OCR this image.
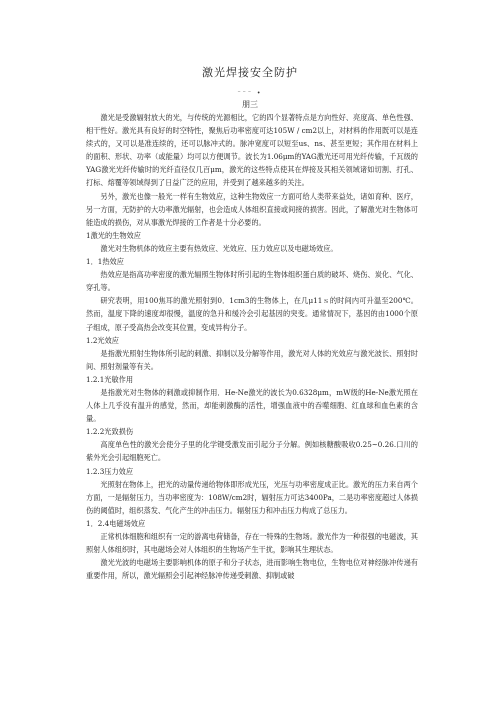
激光焊接安全防护
⁻⁻⁻ •
朋三

激光是受激辐射放大的光，与传统的光源相比，它的四个显著特点是方向性好、亮度高、单色性强、相干性好。激光具有良好的时空特性，聚焦后功率密度可达105W / cm2以上，对材料的作用既可以是连续式的，又可以是准连续的，还可以脉冲式的。脉冲宽度可以短至us、ns、甚至更短；其作用在材料上的面积、形状、功率（或能量）均可以方便调节。波长为1.06μm的YAG激光还可用光纤传输，千瓦级的YAG激光光纤传输时的光纤直径仅几百μm，激光的这些特点使其在焊接及其相关领域诸如切割、打孔、打标、熔覆等领域得到了日益广泛的应用，并受到了越来越多的关注。

另外，激光也像一般光一样有生物效应，这种生物效应一方面可给人类带来益处，诸如育种、医疗，另一方面，无防护的大功率激光辐射，也会造成人体组织直接或间接的损害。因此，了解激光对生物体可能造成的损伤，对从事激光焊接的工作者是十分必要的。

1激光的生物效应

激光对生物机体的效应主要有热效应、光效应、压力效应以及电磁场效应。

1．1热效应

热效应是指高功率密度的激光辐照生物体时所引起的生物体组织蛋白质的破坏、烧伤、炭化、气化、穿孔等。

研究表明，用100焦耳的激光照射到0．1cm3的生物体上，在几μ11ｓ的时间内可升温至200℃。然而，温度下降的速度却很慢，温度的急升和缓冷会引起基因的突变。通常情况下，基因的由1000个原子组成，原子受高热会改变其位置，变成异构分子。

1.2光效应

是指激光照射生物体所引起的刺激、抑制以及分解等作用，激光对人体的光效应与激光波长、照射时间、照射剂量等有关。

1.2.1光敏作用

是指激光对生物体的刺激或抑制作用．He-Ne激光的波长为0.6328μm，mW级的He-Ne激光照在人体上几乎没有温升的感觉，然而，却能刺激酶的活性，增强血液中的吞噬细胞、红血球和血色素的含量。

1.2.2光致损伤

高度单色性的激光会使分子里的化学键受激发而引起分子分解。例如核糖酸吸收0.25~0.26.口川的紫外光会引起细胞死亡。

1.2.3压力效应

光照射在物体上，把光的动量传递给物体即形成光压，光压与功率密度成正比。激光的压力来自两个方面，一是辐射压力，当功率密度为：108W/cm2时，辐射压力可达3400Pa，二是功率密度超过人体损伤的阈值时，组织蒸发、气化产生的冲击压力。辐射压力和冲击压力构成了总压力。

1．2.4电磁场效应

正常机体细胞和组织有一定的游离电荷储备，存在一特殊的生物场。激光作为一种很强的电磁波，其照射人体组织时，其电磁场会对人体组织的生物场产生干扰，影响其生理状态。

激光光波的电磁场主要影响机体的原子和分子状态，进而影响生物电位，生物电位对神经脉冲传递有重要作用，所以，激光辐照会引起神经脉冲传递受刺激、抑制或破
